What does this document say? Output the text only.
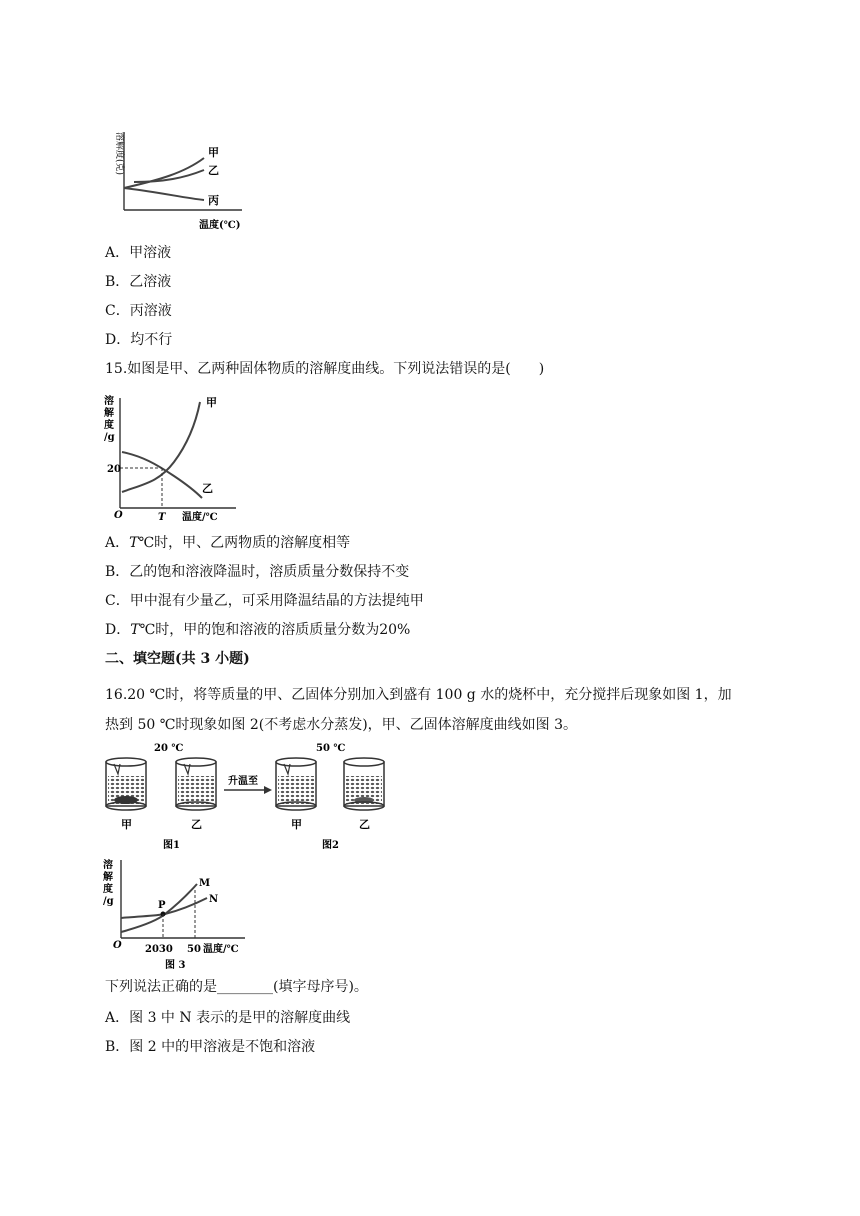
溶解度(克)	甲
乙
丙
温度(℃)
A．甲溶液
B．乙溶液
C．丙溶液
D．均不行
15.如图是甲、乙两种固体物质的溶解度曲线。下列说法错误的是(　　)
溶
解
度
/g
20
O	T 温度/℃
甲
乙
A．T℃时，甲、乙两物质的溶解度相等
B．乙的饱和溶液降温时，溶质质量分数保持不变
C．甲中混有少量乙，可采用降温结晶的方法提纯甲
D．T℃时，甲的饱和溶液的溶质质量分数为20%
二、填空题(共 3 小题)
16.20 ℃时，将等质量的甲、乙固体分别加入到盛有 100 g 水的烧杯中，充分搅拌后现象如图 1，加
热到 50 ℃时现象如图 2(不考虑水分蒸发)，甲、乙固体溶解度曲线如图 3。
20 ℃	50 ℃
升温至
甲	乙	甲	乙
图1	图2
溶
解
度
/g	P
M
N
O 2030 50 温度/℃
图 3
下列说法正确的是________(填字母序号)。
A．图 3 中 N 表示的是甲的溶解度曲线
B．图 2 中的甲溶液是不饱和溶液
